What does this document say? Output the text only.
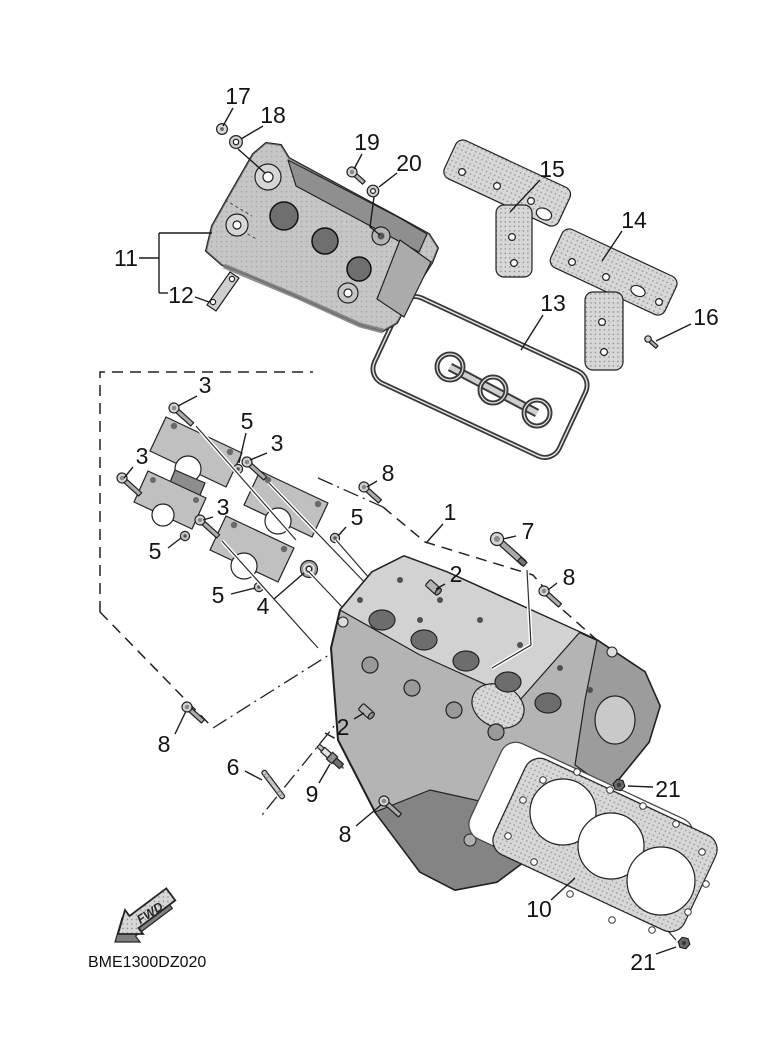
FWD
BME1300DZ020
17
18
19
20	15
14
16
13
11
12
3
5
3
3
8
3	1
5
7
5
2	8
5 4
2
8
6
9
8
10
21
21
